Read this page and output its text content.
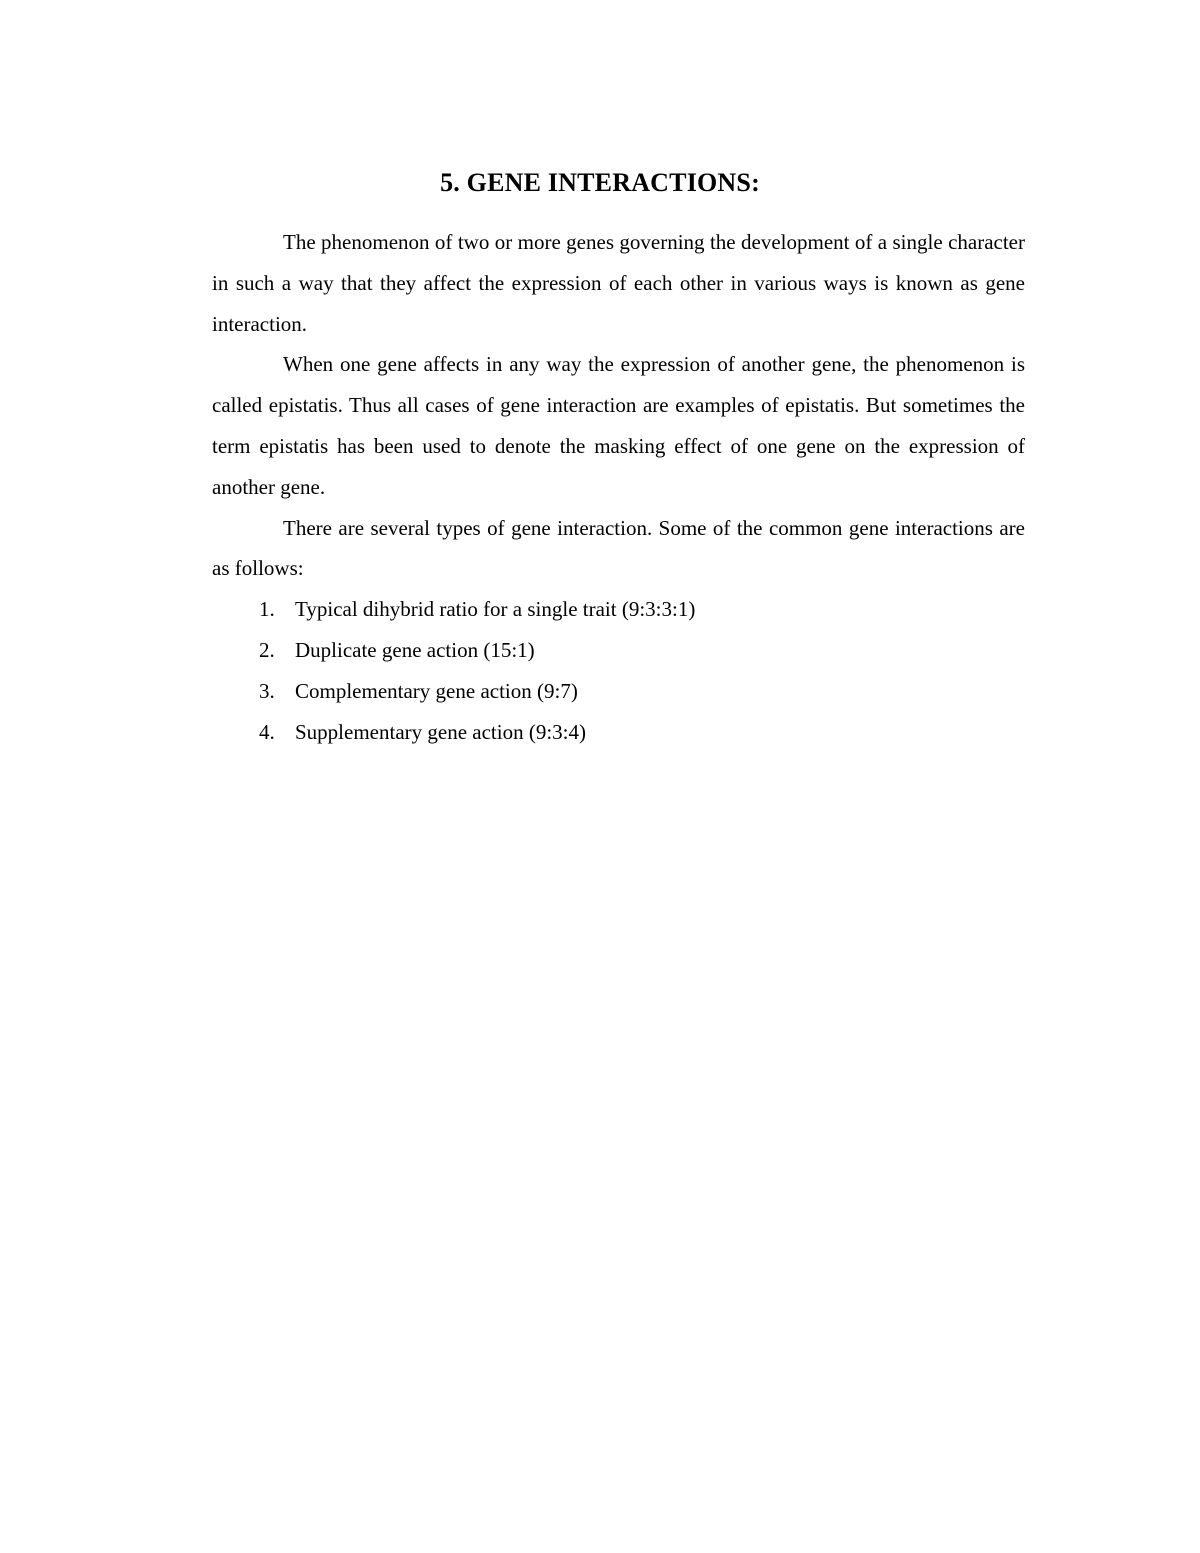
5. GENE INTERACTIONS:

The phenomenon of two or more genes governing the development of a single character in such a way that they affect the expression of each other in various ways is known as gene interaction.

When one gene affects in any way the expression of another gene, the phenomenon is called epistatis. Thus all cases of gene interaction are examples of epistatis. But sometimes the term epistatis has been used to denote the masking effect of one gene on the expression of another gene.

There are several types of gene interaction. Some of the common gene interactions are as follows:

1. Typical dihybrid ratio for a single trait (9:3:3:1)
2. Duplicate gene action (15:1)
3. Complementary gene action (9:7)
4. Supplementary gene action (9:3:4)
